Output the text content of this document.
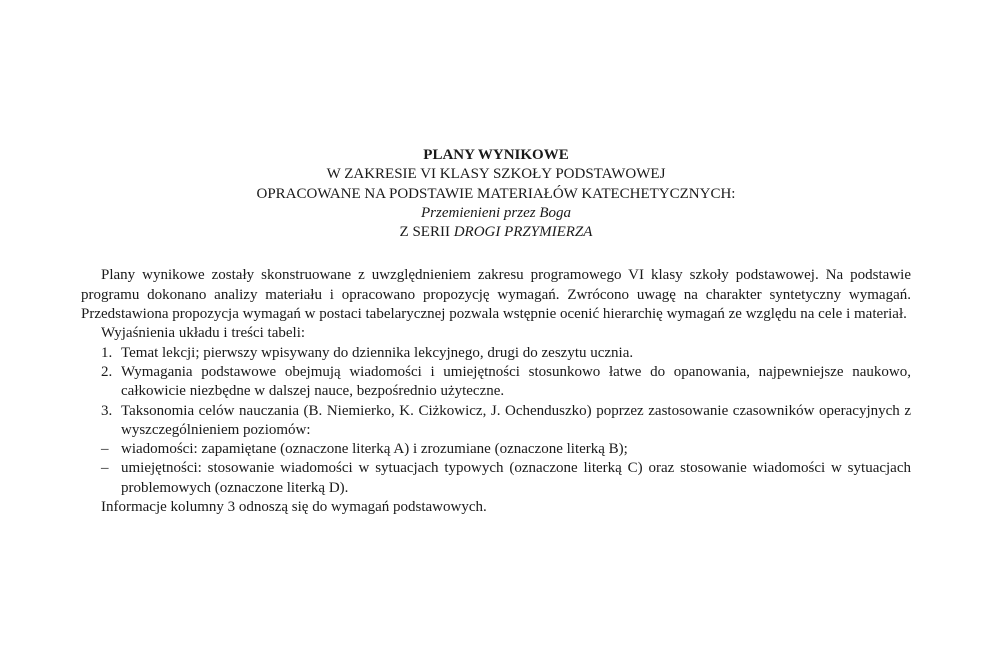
PLANY WYNIKOWE
W ZAKRESIE VI KLASY SZKOŁY PODSTAWOWEJ
OPRACOWANE NA PODSTAWIE MATERIAŁÓW KATECHETYCZNYCH:
Przemienieni przez Boga
Z SERII DROGI PRZYMIERZA

Plany wynikowe zostały skonstruowane z uwzględnieniem zakresu programowego VI klasy szkoły podstawowej. Na podstawie programu dokonano analizy materiału i opracowano propozycję wymagań. Zwrócono uwagę na charakter syntetyczny wymagań. Przedstawiona propozycja wymagań w postaci tabelarycznej pozwala wstępnie ocenić hierarchię wymagań ze względu na cele i materiał.

Wyjaśnienia układu i treści tabeli:

1. Temat lekcji; pierwszy wpisywany do dziennika lekcyjnego, drugi do zeszytu ucznia.
2. Wymagania podstawowe obejmują wiadomości i umiejętności stosunkowo łatwe do opanowania, najpewniejsze naukowo, całkowicie niezbędne w dalszej nauce, bezpośrednio użyteczne.
3. Taksonomia celów nauczania (B. Niemierko, K. Ciżkowicz, J. Ochenduszko) poprzez zastosowanie czasowników operacyjnych z wyszczególnieniem poziomów:
– wiadomości: zapamiętane (oznaczone literką A) i zrozumiane (oznaczone literką B);
– umiejętności: stosowanie wiadomości w sytuacjach typowych (oznaczone literką C) oraz stosowanie wiadomości w sytuacjach problemowych (oznaczone literką D).

Informacje kolumny 3 odnoszą się do wymagań podstawowych.
